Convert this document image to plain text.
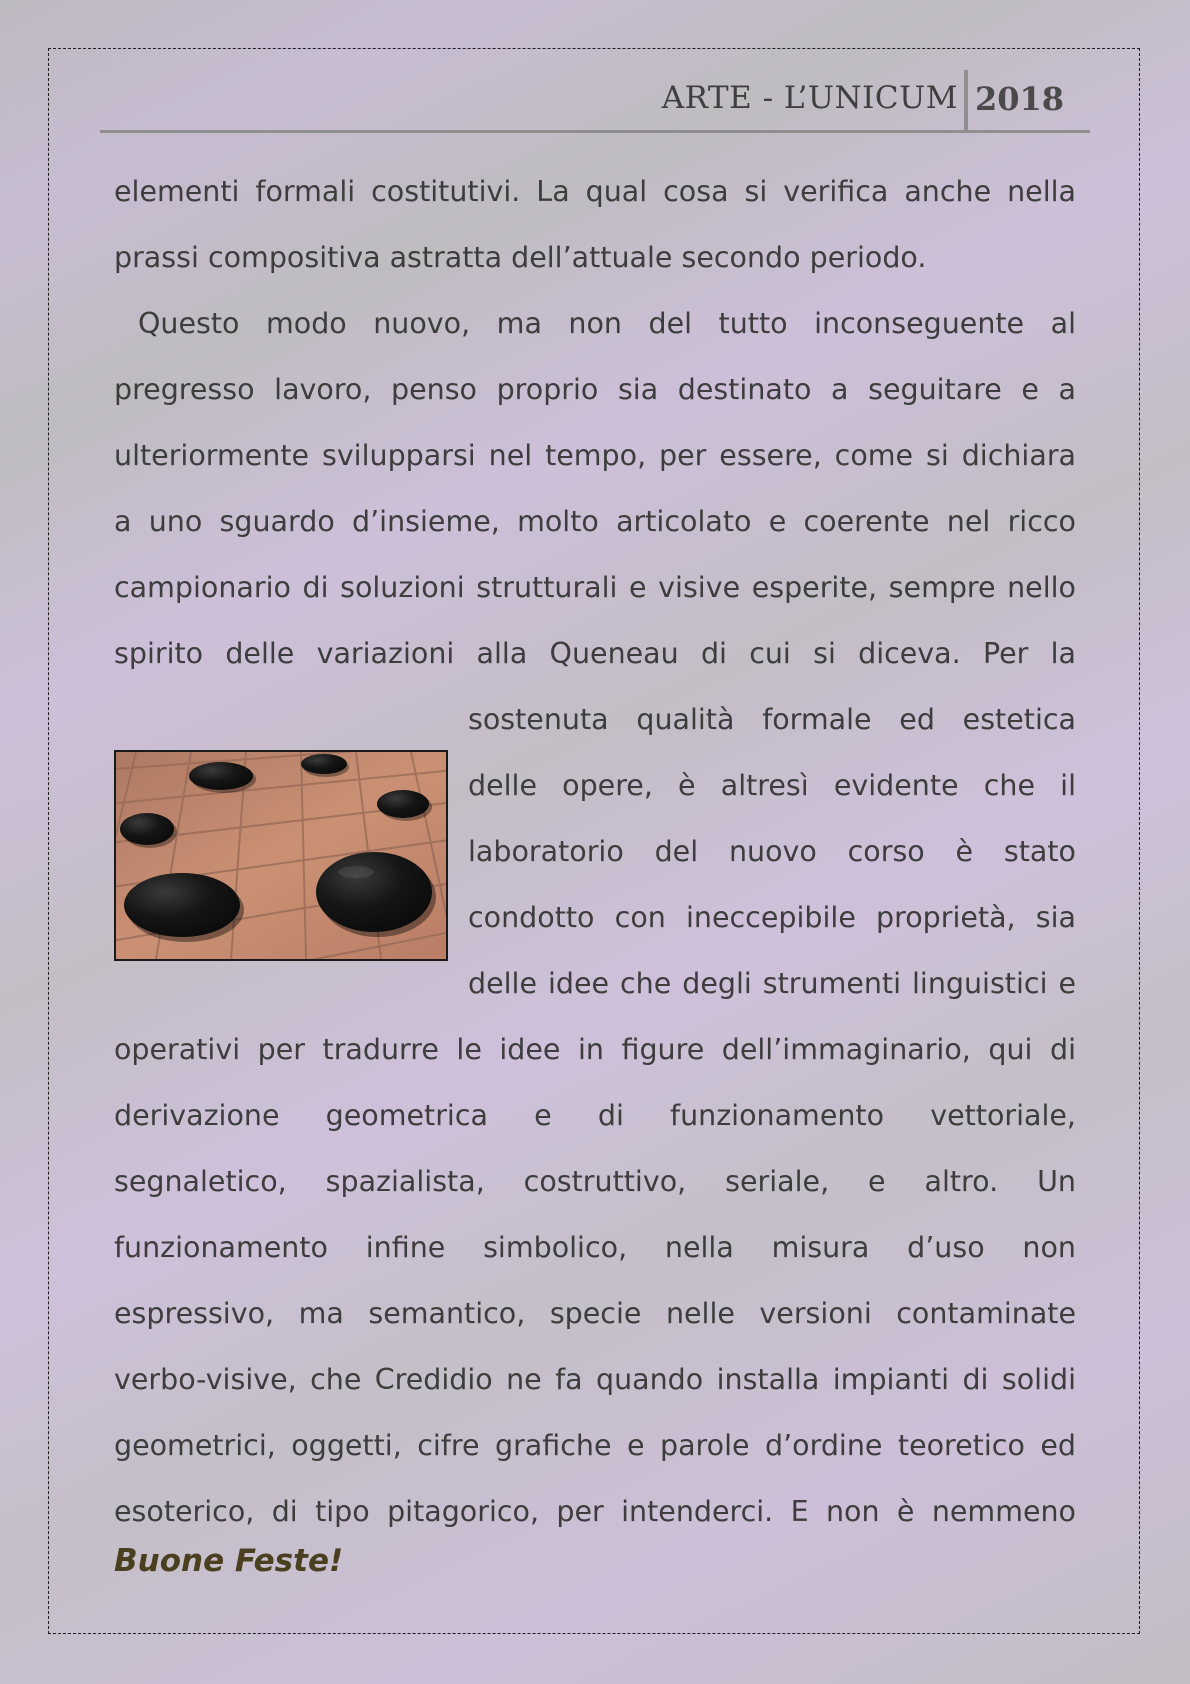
ARTE - L’UNICUM 2018
elementi formali costitutivi. La qual cosa si verifica anche nella
prassi compositiva astratta dell’attuale secondo periodo.
Questo modo nuovo, ma non del tutto inconseguente al
pregresso lavoro, penso proprio sia destinato a seguitare e a
ulteriormente svilupparsi nel tempo, per essere, come si dichiara
a uno sguardo d’insieme, molto articolato e coerente nel ricco
campionario di soluzioni strutturali e visive esperite, sempre nello
spirito delle variazioni alla Queneau di cui si diceva. Per la
sostenuta qualità formale ed estetica
delle opere, è altresì evidente che il
laboratorio del nuovo corso è stato
condotto con ineccepibile proprietà, sia
delle idee che degli strumenti linguistici e
operativi per tradurre le idee in figure dell’immaginario, qui di
derivazione geometrica e di funzionamento vettoriale,
segnaletico, spazialista, costruttivo, seriale, e altro. Un
funzionamento infine simbolico, nella misura d’uso non
espressivo, ma semantico, specie nelle versioni contaminate
verbo-visive, che Credidio ne fa quando installa impianti di solidi
geometrici, oggetti, cifre grafiche e parole d’ordine teoretico ed
esoterico, di tipo pitagorico, per intenderci. E non è nemmeno
Buone Feste!
